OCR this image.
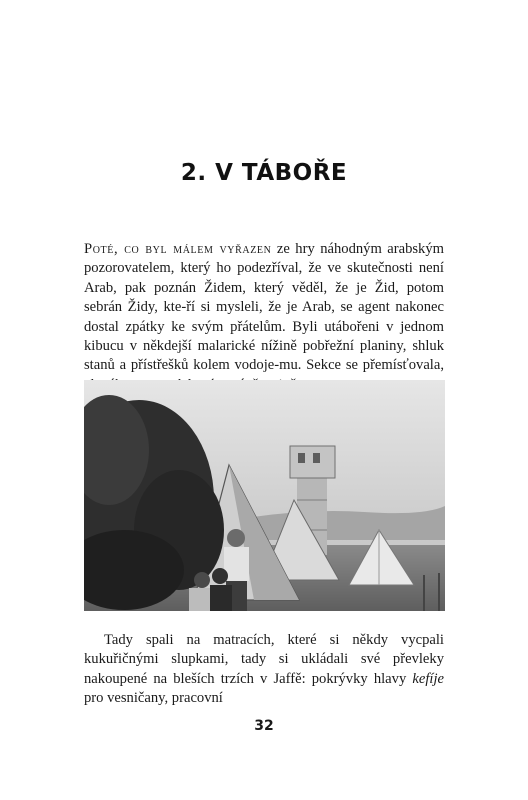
2. V TÁBOŘE

Poté, co byl málem vyřazen ze hry náhodným arabským pozorovatelem, který ho podezříval, že ve skutečnosti není Arab, pak poznán Židem, který věděl, že je Žid, potom sebrán Židy, kte-ří si mysleli, že je Arab, se agent nakonec dostal zpátky ke svým přátelům. Byli utábořeni v jednom kibucu v někdejší malarické nížině pobřežní planiny, shluk stanů a přístřešků kolem vodoje-mu. Sekce se přemísťovala,

Tady spali na matracích, které si někdy vycpali kukuřičnými slupkami, tady si ukládali své převleky nakoupené na bleších trzích v Jaffě: pokrývky hlavy kefíje pro vesničany, pracovní

32
